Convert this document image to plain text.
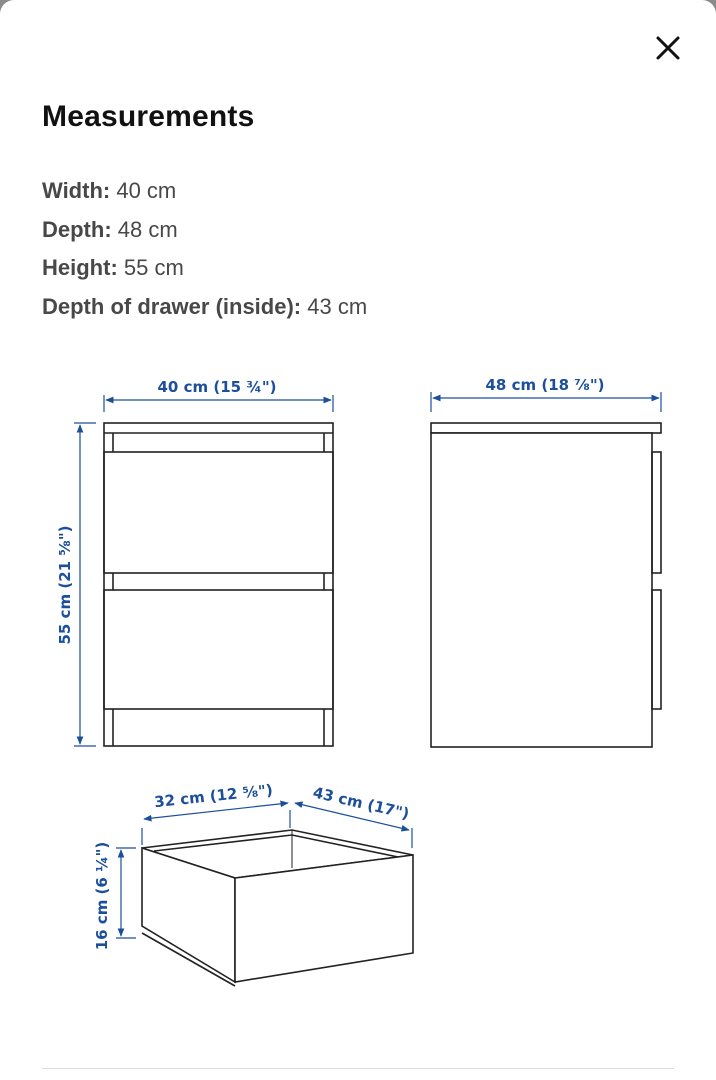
Measurements
Width: 40 cm
Depth: 48 cm
Height: 55 cm
Depth of drawer (inside): 43 cm
40 cm (15 ¾")
55 cm (21 ⅝")
48 cm (18 ⅞")
32 cm (12 ⅝")	43 cm (17")
16 cm (6 ¼")
